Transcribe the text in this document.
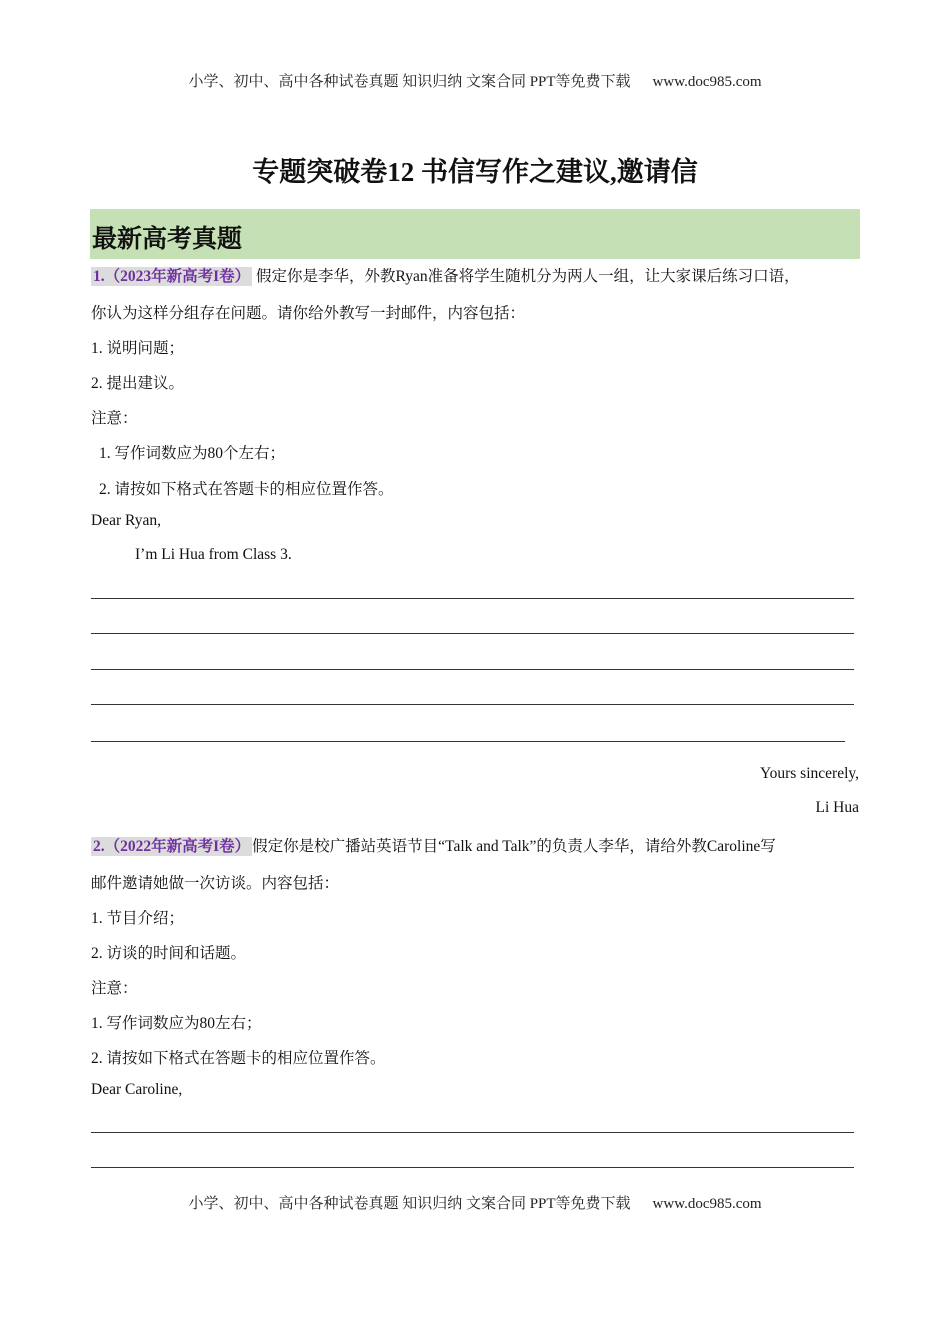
小学、初中、高中各种试卷真题 知识归纳 文案合同 PPT等免费下载 www.doc985.com
专题突破卷12 书信写作之建议,邀请信
最新高考真题
1.（2023年新高考I卷） 假定你是李华，外教Ryan准备将学生随机分为两人一组，让大家课后练习口语，
你认为这样分组存在问题。请你给外教写一封邮件，内容包括：
1. 说明问题；
2. 提出建议。
注意：
1. 写作词数应为80个左右；
2. 请按如下格式在答题卡的相应位置作答。
Dear Ryan,
I’m Li Hua from Class 3.
Yours sincerely,
Li Hua
2.（2022年新高考I卷） 假定你是校广播站英语节目“Talk and Talk”的负责人李华，请给外教Caroline写
邮件邀请她做一次访谈。内容包括：
1. 节目介绍；
2. 访谈的时间和话题。
注意：
1. 写作词数应为80左右；
2. 请按如下格式在答题卡的相应位置作答。
Dear Caroline,
小学、初中、高中各种试卷真题 知识归纳 文案合同 PPT等免费下载 www.doc985.com
